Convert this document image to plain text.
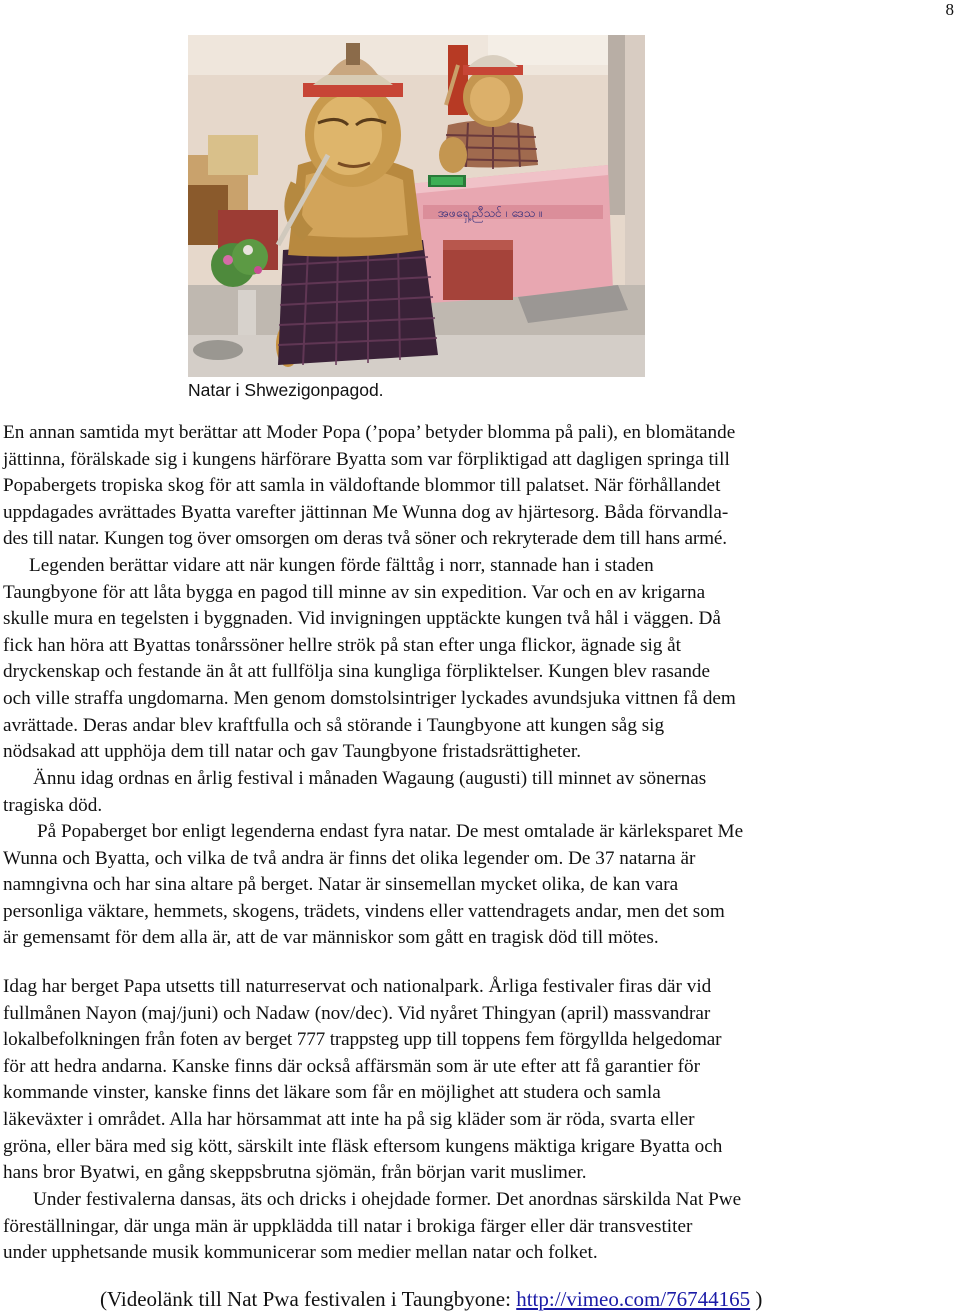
8
အဖရှေ့ညီသင် ၊ ဒေသ ။
Natar i Shwezigonpagod.
En annan samtida myt berättar att Moder Popa (’popa’ betyder blomma på pali), en blomätande
jättinna, förälskade sig i kungens härförare Byatta som var förpliktigad att dagligen springa till
Popabergets tropiska skog för att samla in väldoftande blommor till palatset. När förhållandet
uppdagades avrättades Byatta varefter jättinnan Me Wunna dog av hjärtesorg. Båda förvandla-
des till natar. Kungen tog över omsorgen om deras två söner och rekryterade dem till hans armé.
Legenden berättar vidare att när kungen förde fälttåg i norr, stannade han i staden
Taungbyone för att låta bygga en pagod till minne av sin expedition. Var och en av krigarna
skulle mura en tegelsten i byggnaden. Vid invigningen upptäckte kungen två hål i väggen. Då
fick han höra att Byattas tonårssöner hellre strök på stan efter unga flickor, ägnade sig åt
dryckenskap och festande än åt att fullfölja sina kungliga förpliktelser. Kungen blev rasande
och ville straffa ungdomarna. Men genom domstolsintriger lyckades avundsjuka vittnen få dem
avrättade. Deras andar blev kraftfulla och så störande i Taungbyone att kungen såg sig
nödsakad att upphöja dem till natar och gav Taungbyone fristadsrättigheter.
Ännu idag ordnas en årlig festival i månaden Wagaung (augusti) till minnet av sönernas
tragiska död.
På Popaberget bor enligt legenderna endast fyra natar. De mest omtalade är kärleksparet Me
Wunna och Byatta, och vilka de två andra är finns det olika legender om. De 37 natarna är
namngivna och har sina altare på berget. Natar är sinsemellan mycket olika, de kan vara
personliga väktare, hemmets, skogens, trädets, vindens eller vattendragets andar, men det som
är gemensamt för dem alla är, att de var människor som gått en tragisk död till mötes.
Idag har berget Papa utsetts till naturreservat och nationalpark. Årliga festivaler firas där vid
fullmånen Nayon (maj/juni) och Nadaw (nov/dec). Vid nyåret Thingyan (april) massvandrar
lokalbefolkningen från foten av berget 777 trappsteg upp till toppens fem förgyllda helgedomar
för att hedra andarna. Kanske finns där också affärsmän som är ute efter att få garantier för
kommande vinster, kanske finns det läkare som får en möjlighet att studera och samla
läkeväxter i området. Alla har hörsammat att inte ha på sig kläder som är röda, svarta eller
gröna, eller bära med sig kött, särskilt inte fläsk eftersom kungens mäktiga krigare Byatta och
hans bror Byatwi, en gång skeppsbrutna sjömän, från början varit muslimer.
Under festivalerna dansas, äts och dricks i ohejdade former. Det anordnas särskilda Nat Pwe
föreställningar, där unga män är uppklädda till natar i brokiga färger eller där transvestiter
under upphetsande musik kommunicerar som medier mellan natar och folket.
(Videolänk till Nat Pwa festivalen i Taungbyone: http://vimeo.com/76744165 )
